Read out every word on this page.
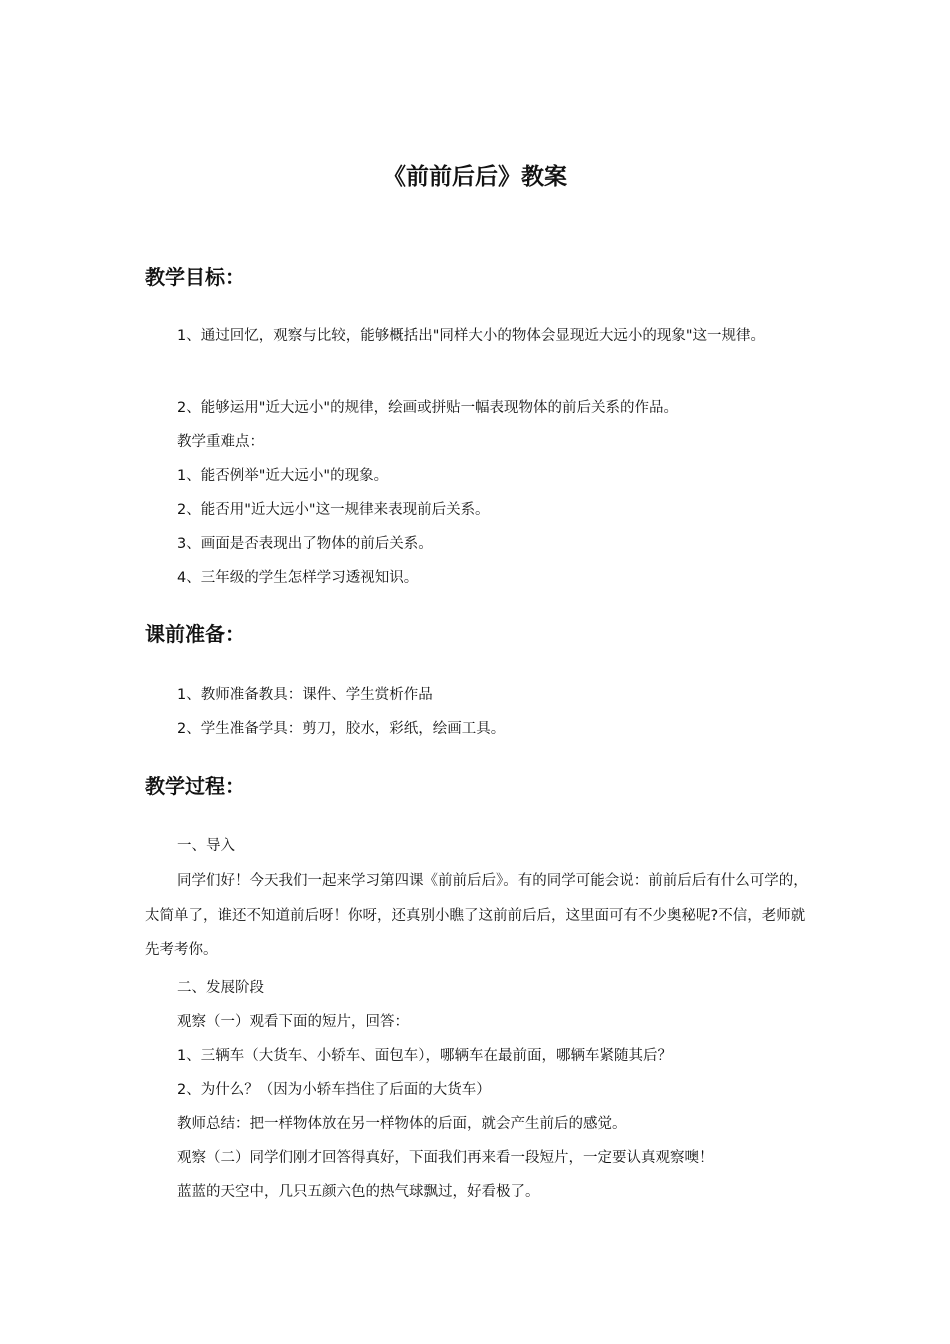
《前前后后》教案
教学目标：

1、通过回忆，观察与比较，能够概括出"同样大小的物体会显现近大远小的现象"这一规律。

2、能够运用"近大远小"的规律，绘画或拼贴一幅表现物体的前后关系的作品。

教学重难点：

1、能否例举"近大远小"的现象。

2、能否用"近大远小"这一规律来表现前后关系。

3、画面是否表现出了物体的前后关系。

4、三年级的学生怎样学习透视知识。

课前准备：

1、教师准备教具：课件、学生赏析作品

2、学生准备学具：剪刀，胶水，彩纸，绘画工具。

教学过程：

一、导入

同学们好！今天我们一起来学习第四课《前前后后》。有的同学可能会说：前前后后有什么可学的，太简单了，谁还不知道前后呀！你呀，还真别小瞧了这前前后后，这里面可有不少奥秘呢?不信，老师就先考考你。

二、发展阶段

观察（一）观看下面的短片，回答：

1、三辆车（大货车、小轿车、面包车），哪辆车在最前面，哪辆车紧随其后？

2、为什么？（因为小轿车挡住了后面的大货车）

教师总结：把一样物体放在另一样物体的后面，就会产生前后的感觉。

观察（二）同学们刚才回答得真好，下面我们再来看一段短片，一定要认真观察噢！

蓝蓝的天空中，几只五颜六色的热气球飘过，好看极了。
